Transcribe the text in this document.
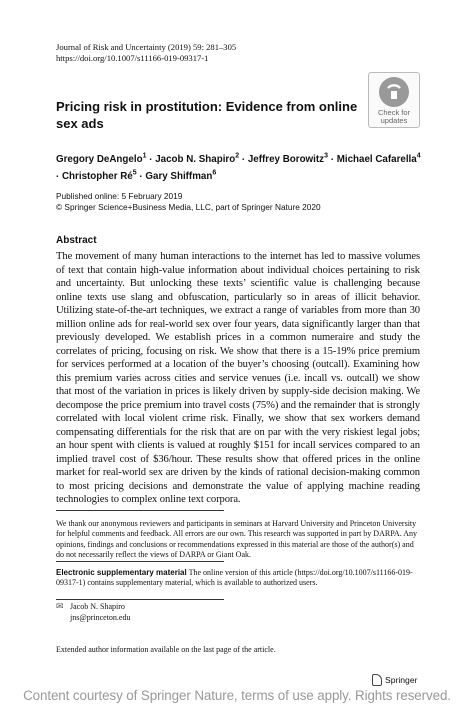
Journal of Risk and Uncertainty (2019) 59: 281–305
https://doi.org/10.1007/s11166-019-09317-1
Check for
updates
Pricing risk in prostitution: Evidence from online sex ads
Gregory DeAngelo$^1$ · Jacob N. Shapiro$^2$ · Jeffrey Borowitz$^3$ · Michael Cafarella$^4$ · Christopher $Ré^5$ · Gary Shiffman$^6$
Published online: 5 February 2019
© Springer Science+Business Media, LLC, part of Springer Nature 2020
Abstract
The movement of many human interactions to the internet has led to massive volumes of text that contain high-value information about individual choices pertaining to risk and uncertainty. But unlocking these texts’ scientific value is challenging because online texts use slang and obfuscation, particularly so in areas of illicit behavior. Utilizing state-of-the-art techniques, we extract a range of variables from more than 30 million online ads for real-world sex over four years, data significantly larger than that previously developed. We establish prices in a common numeraire and study the correlates of pricing, focusing on risk. We show that there is a 15-19% price premium for services performed at a location of the buyer’s choosing (outcall). Examining how this premium varies across cities and service venues (i.e. incall vs. outcall) we show that most of the variation in prices is likely driven by supply-side decision making. We decompose the price premium into travel costs (75%) and the remainder that is strongly correlated with local violent crime risk. Finally, we show that sex workers demand compensating differentials for the risk that are on par with the very riskiest legal jobs; an hour spent with clients is valued at roughly $151 for incall services compared to an implied travel cost of $36/hour. These results show that offered prices in the online market for real-world sex are driven by the kinds of rational decision-making common to most pricing decisions and demonstrate the value of applying machine reading technologies to complex online text corpora.
We thank our anonymous reviewers and participants in seminars at Harvard University and Princeton University for helpful comments and feedback. All errors are our own. This research was supported in part by DARPA. Any opinions, findings and conclusions or recommendations expressed in this material are those of the author(s) and do not necessarily reflect the views of DARPA or Giant Oak.
Electronic supplementary material The online version of this article (https://doi.org/10.1007/s11166-019-09317-1) contains supplementary material, which is available to authorized users.
✉ Jacob N. Shapiro
jns@princeton.edu
Extended author information available on the last page of the article.
Springer
Content courtesy of Springer Nature, terms of use apply. Rights reserved.
